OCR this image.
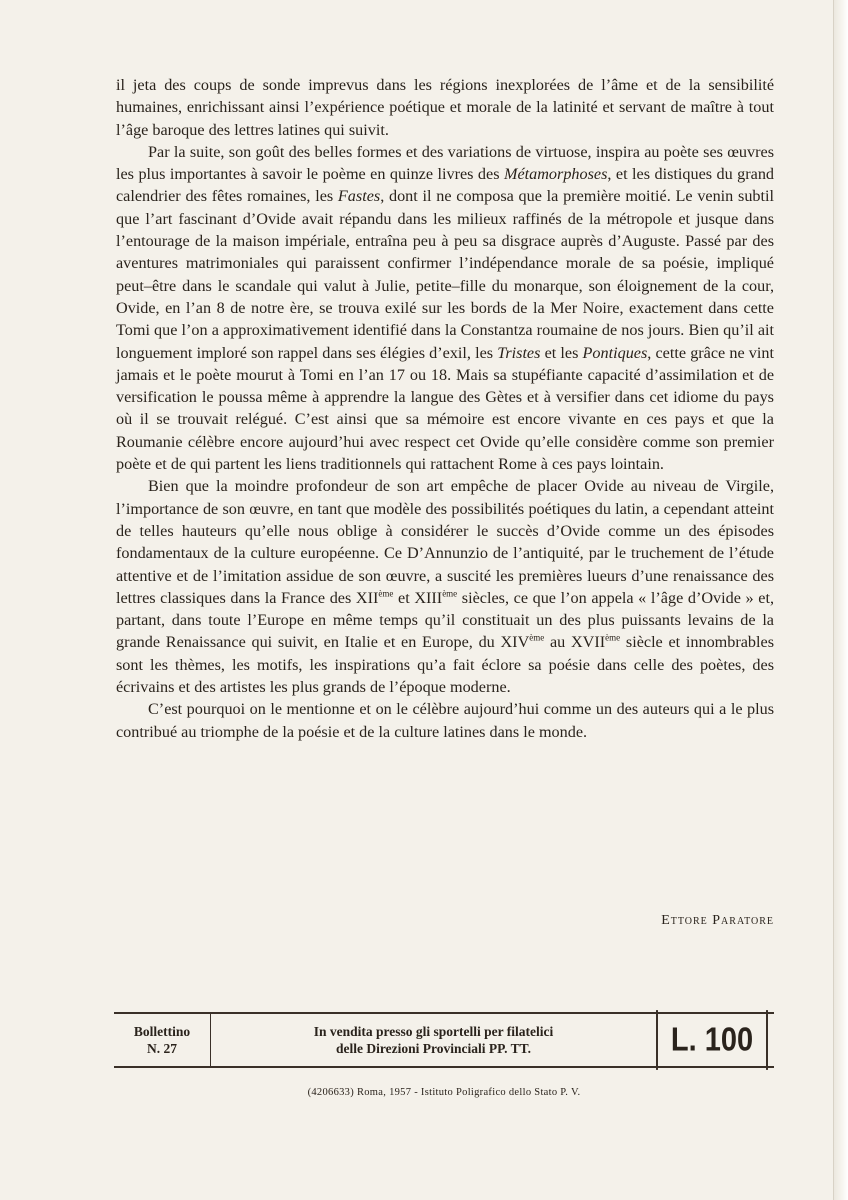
il jeta des coups de sonde imprevus dans les régions inexplorées de l’âme et de la sensibilité humaines, enrichissant ainsi l’expérience poétique et morale de la latinité et servant de maître à tout l’âge baroque des lettres latines qui suivit.

Par la suite, son goût des belles formes et des variations de virtuose, inspira au poète ses œuvres les plus importantes à savoir le poème en quinze livres des Métamorphoses, et les distiques du grand calendrier des fêtes romaines, les Fastes, dont il ne composa que la première moitié. Le venin subtil que l’art fascinant d’Ovide avait répandu dans les milieux raffinés de la métropole et jusque dans l’entourage de la maison impériale, entraîna peu à peu sa disgrace auprès d’Auguste. Passé par des aventures matrimoniales qui paraissent confirmer l’indépendance morale de sa poésie, impliqué peut–être dans le scandale qui valut à Julie, petite–fille du monarque, son éloignement de la cour, Ovide, en l’an 8 de notre ère, se trouva exilé sur les bords de la Mer Noire, exactement dans cette Tomi que l’on a approximativement identifié dans la Constantza roumaine de nos jours. Bien qu’il ait longuement imploré son rappel dans ses élégies d’exil, les Tristes et les Pontiques, cette grâce ne vint jamais et le poète mourut à Tomi en l’an 17 ou 18. Mais sa stupéfiante capacité d’assimilation et de versification le poussa même à apprendre la langue des Gètes et à versifier dans cet idiome du pays où il se trouvait relégué. C’est ainsi que sa mémoire est encore vivante en ces pays et que la Roumanie célèbre encore aujourd’hui avec respect cet Ovide qu’elle considère comme son premier poète et de qui partent les liens traditionnels qui rattachent Rome à ces pays lointain.

Bien que la moindre profondeur de son art empêche de placer Ovide au niveau de Virgile, l’importance de son œuvre, en tant que modèle des possibilités poétiques du latin, a cependant atteint de telles hauteurs qu’elle nous oblige à considérer le succès d’Ovide comme un des épisodes fondamentaux de la culture européenne. Ce D’Annunzio de l’antiquité, par le truchement de l’étude attentive et de l’imitation assidue de son œuvre, a suscité les premières lueurs d’une renaissance des lettres classiques dans la France des XIIème et XIIIème siècles, ce que l’on appela « l’âge d’Ovide » et, partant, dans toute l’Europe en même temps qu’il constituait un des plus puissants levains de la grande Renaissance qui suivit, en Italie et en Europe, du XIVème au XVIIème siècle et innombrables sont les thèmes, les motifs, les inspirations qu’a fait éclore sa poésie dans celle des poètes, des écrivains et des artistes les plus grands de l’époque moderne.

C’est pourquoi on le mentionne et on le célèbre aujourd’hui comme un des auteurs qui a le plus contribué au triomphe de la poésie et de la culture latines dans le monde.

Ettore Paratore
Bollettino
N. 27
In vendita presso gli sportelli per filatelici
delle Direzioni Provinciali PP. TT.	L. 100
(4206633) Roma, 1957 - Istituto Poligrafico dello Stato P. V.
